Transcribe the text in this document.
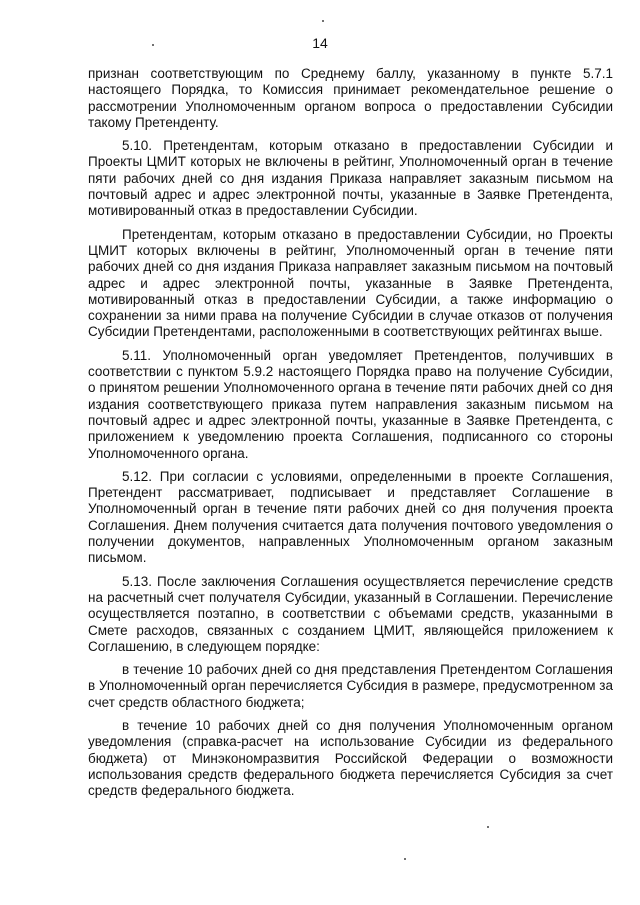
14

признан соответствующим по Среднему баллу, указанному в пункте 5.7.1 настоящего Порядка, то Комиссия принимает рекомендательное решение о рассмотрении Уполномоченным органом вопроса о предоставлении Субсидии такому Претенденту.

5.10. Претендентам, которым отказано в предоставлении Субсидии и Проекты ЦМИТ которых не включены в рейтинг, Уполномоченный орган в течение пяти рабочих дней со дня издания Приказа направляет заказным письмом на почтовый адрес и адрес электронной почты, указанные в Заявке Претендента, мотивированный отказ в предоставлении Субсидии.

Претендентам, которым отказано в предоставлении Субсидии, но Проекты ЦМИТ которых включены в рейтинг, Уполномоченный орган в течение пяти рабочих дней со дня издания Приказа направляет заказным письмом на почтовый адрес и адрес электронной почты, указанные в Заявке Претендента, мотивированный отказ в предоставлении Субсидии, а также информацию о сохранении за ними права на получение Субсидии в случае отказов от получения Субсидии Претендентами, расположенными в соответствующих рейтингах выше.

5.11. Уполномоченный орган уведомляет Претендентов, получивших в соответствии с пунктом 5.9.2 настоящего Порядка право на получение Субсидии, о принятом решении Уполномоченного органа в течение пяти рабочих дней со дня издания соответствующего приказа путем направления заказным письмом на почтовый адрес и адрес электронной почты, указанные в Заявке Претендента, с приложением к уведомлению проекта Соглашения, подписанного со стороны Уполномоченного органа.

5.12. При согласии с условиями, определенными в проекте Соглашения, Претендент рассматривает, подписывает и представляет Соглашение в Уполномоченный орган в течение пяти рабочих дней со дня получения проекта Соглашения. Днем получения считается дата получения почтового уведомления о получении документов, направленных Уполномоченным органом заказным письмом.

5.13. После заключения Соглашения осуществляется перечисление средств на расчетный счет получателя Субсидии, указанный в Соглашении. Перечисление осуществляется поэтапно, в соответствии с объемами средств, указанными в Смете расходов, связанных с созданием ЦМИТ, являющейся приложением к Соглашению, в следующем порядке:

в течение 10 рабочих дней со дня представления Претендентом Соглашения в Уполномоченный орган перечисляется Субсидия в размере, предусмотренном за счет средств областного бюджета;

в течение 10 рабочих дней со дня получения Уполномоченным органом уведомления (справка-расчет на использование Субсидии из федерального бюджета) от Минэкономразвития Российской Федерации о возможности использования средств федерального бюджета перечисляется Субсидия за счет средств федерального бюджета.
